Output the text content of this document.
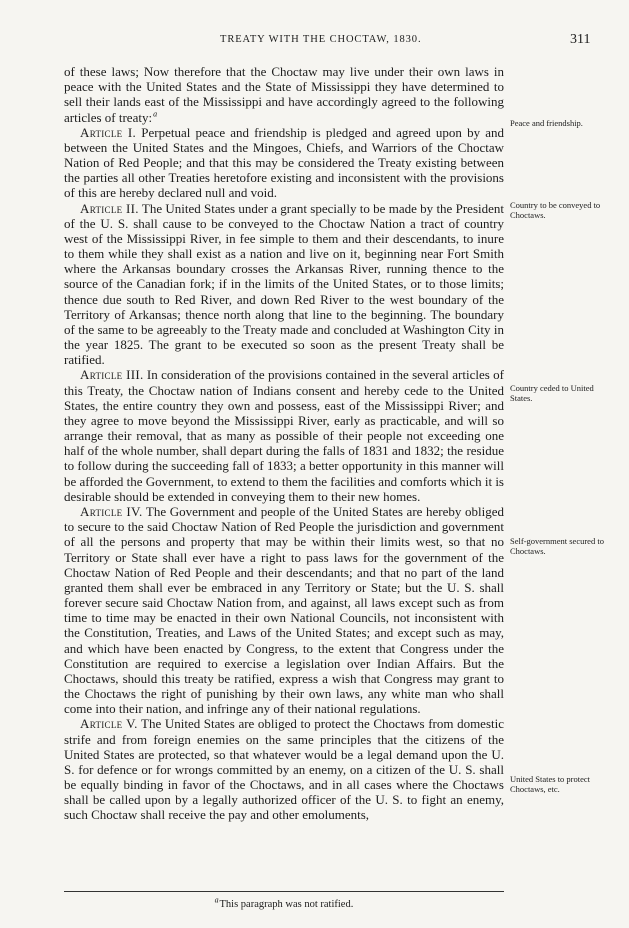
TREATY WITH THE CHOCTAW, 1830.	311

of these laws; Now therefore that the Choctaw may live under their own laws in peace with the United States and the State of Mississippi they have determined to sell their lands east of the Mississippi and have accordingly agreed to the following articles of treaty: $^a$

Article I. Perpetual peace and friendship is pledged and agreed upon by and between the United States and the Mingoes, Chiefs, and Warriors of the Choctaw Nation of Red People; and that this may be considered the Treaty existing between the parties all other Treaties heretofore existing and inconsistent with the provisions of this are hereby declared null and void.

Article II. The United States under a grant specially to be made by the President of the U. S. shall cause to be conveyed to the Choctaw Nation a tract of country west of the Mississippi River, in fee simple to them and their descendants, to inure to them while they shall exist as a nation and live on it, beginning near Fort Smith where the Arkansas boundary crosses the Arkansas River, running thence to the source of the Canadian fork; if in the limits of the United States, or to those limits; thence due south to Red River, and down Red River to the west boundary of the Territory of Arkansas; thence north along that line to the beginning. The boundary of the same to be agreeably to the Treaty made and concluded at Washington City in the year 1825. The grant to be executed so soon as the present Treaty shall be ratified.

Article III. In consideration of the provisions contained in the several articles of this Treaty, the Choctaw nation of Indians consent and hereby cede to the United States, the entire country they own and possess, east of the Mississippi River; and they agree to move beyond the Mississippi River, early as practicable, and will so arrange their removal, that as many as possible of their people not exceeding one half of the whole number, shall depart during the falls of 1831 and 1832; the residue to follow during the succeeding fall of 1833; a better opportunity in this manner will be afforded the Government, to extend to them the facilities and comforts which it is desirable should be extended in conveying them to their new homes.

Article IV. The Government and people of the United States are hereby obliged to secure to the said Choctaw Nation of Red People the jurisdiction and government of all the persons and property that may be within their limits west, so that no Territory or State shall ever have a right to pass laws for the government of the Choctaw Nation of Red People and their descendants; and that no part of the land granted them shall ever be embraced in any Territory or State; but the U. S. shall forever secure said Choctaw Nation from, and against, all laws except such as from time to time may be enacted in their own National Councils, not inconsistent with the Constitution, Treaties, and Laws of the United States; and except such as may, and which have been enacted by Congress, to the extent that Congress under the Constitution are required to exercise a legislation over Indian Affairs. But the Choctaws, should this treaty be ratified, express a wish that Congress may grant to the Choctaws the right of punishing by their own laws, any white man who shall come into their nation, and infringe any of their national regulations.

Article V. The United States are obliged to protect the Choctaws from domestic strife and from foreign enemies on the same principles that the citizens of the United States are protected, so that whatever would be a legal demand upon the U. S. for defence or for wrongs committed by an enemy, on a citizen of the U. S. shall be equally binding in favor of the Choctaws, and in all cases where the Choctaws shall be called upon by a legally authorized officer of the U. S. to fight an enemy, such Choctaw shall receive the pay and other emoluments,

Peace and friendship.
Country to be conveyed to Choctaws.
Country ceded to United States.
Self-government secured to Choctaws.
United States to protect Choctaws, etc.
$^a$ This paragraph was not ratified.
